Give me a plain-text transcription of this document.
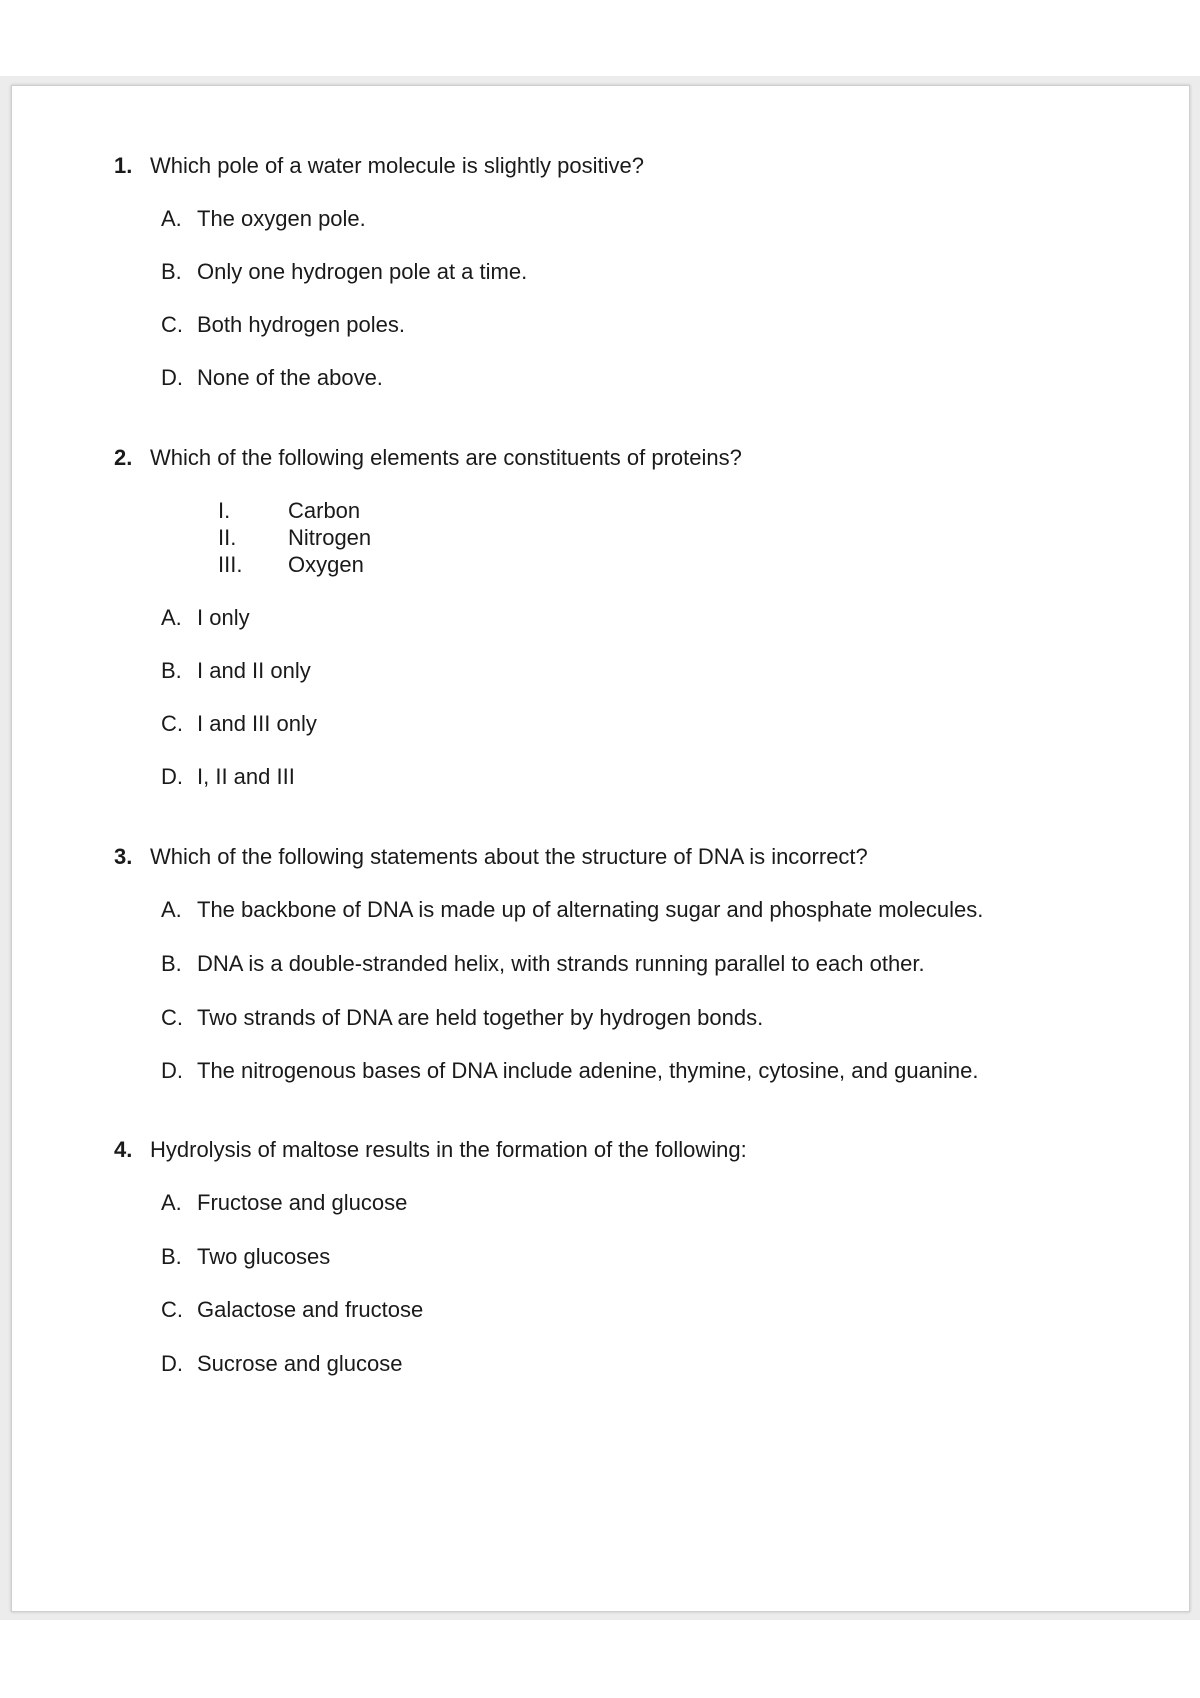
1. Which pole of a water molecule is slightly positive?
A. The oxygen pole.
B. Only one hydrogen pole at a time.
C. Both hydrogen poles.
D. None of the above.
2. Which of the following elements are constituents of proteins?
I.	Carbon
II. Nitrogen
III. Oxygen
A. I only
B. I and II only
C. I and III only
D. I, II and III
3. Which of the following statements about the structure of DNA is incorrect?
A. The backbone of DNA is made up of alternating sugar and phosphate molecules.
B. DNA is a double-stranded helix, with strands running parallel to each other.
C. Two strands of DNA are held together by hydrogen bonds.
D. The nitrogenous bases of DNA include adenine, thymine, cytosine, and guanine.
4. Hydrolysis of maltose results in the formation of the following:
A. Fructose and glucose
B. Two glucoses
C. Galactose and fructose
D. Sucrose and glucose
